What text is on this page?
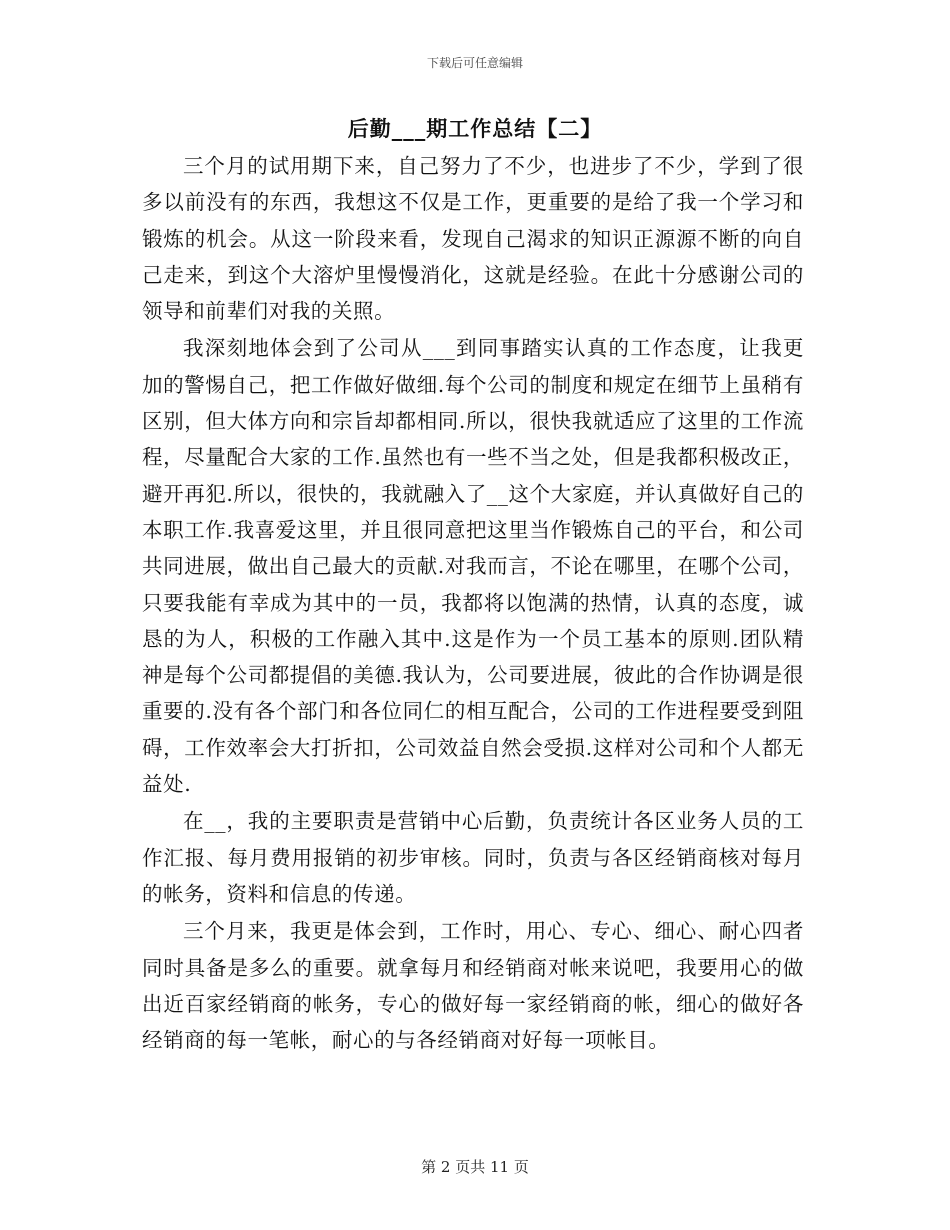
下载后可任意编辑
后勤___期工作总结【二】

三个月的试用期下来，自己努力了不少，也进步了不少，学到了很多以前没有的东西，我想这不仅是工作，更重要的是给了我一个学习和锻炼的机会。从这一阶段来看，发现自己渴求的知识正源源不断的向自己走来，到这个大溶炉里慢慢消化，这就是经验。在此十分感谢公司的领导和前辈们对我的关照。

我深刻地体会到了公司从___到同事踏实认真的工作态度，让我更加的警惕自己，把工作做好做细.每个公司的制度和规定在细节上虽稍有区别，但大体方向和宗旨却都相同.所以，很快我就适应了这里的工作流程，尽量配合大家的工作.虽然也有一些不当之处，但是我都积极改正，避开再犯.所以，很快的，我就融入了__这个大家庭，并认真做好自己的本职工作.我喜爱这里，并且很同意把这里当作锻炼自己的平台，和公司共同进展，做出自己最大的贡献.对我而言，不论在哪里，在哪个公司，只要我能有幸成为其中的一员，我都将以饱满的热情，认真的态度，诚恳的为人，积极的工作融入其中.这是作为一个员工基本的原则.团队精神是每个公司都提倡的美德.我认为，公司要进展，彼此的合作协调是很重要的.没有各个部门和各位同仁的相互配合，公司的工作进程要受到阻碍，工作效率会大打折扣，公司效益自然会受损.这样对公司和个人都无益处.

在__，我的主要职责是营销中心后勤，负责统计各区业务人员的工作汇报、每月费用报销的初步审核。同时，负责与各区经销商核对每月的帐务，资料和信息的传递。

三个月来，我更是体会到，工作时，用心、专心、细心、耐心四者同时具备是多么的重要。就拿每月和经销商对帐来说吧，我要用心的做出近百家经销商的帐务，专心的做好每一家经销商的帐，细心的做好各经销商的每一笔帐，耐心的与各经销商对好每一项帐目。

第 2 页共 11 页
